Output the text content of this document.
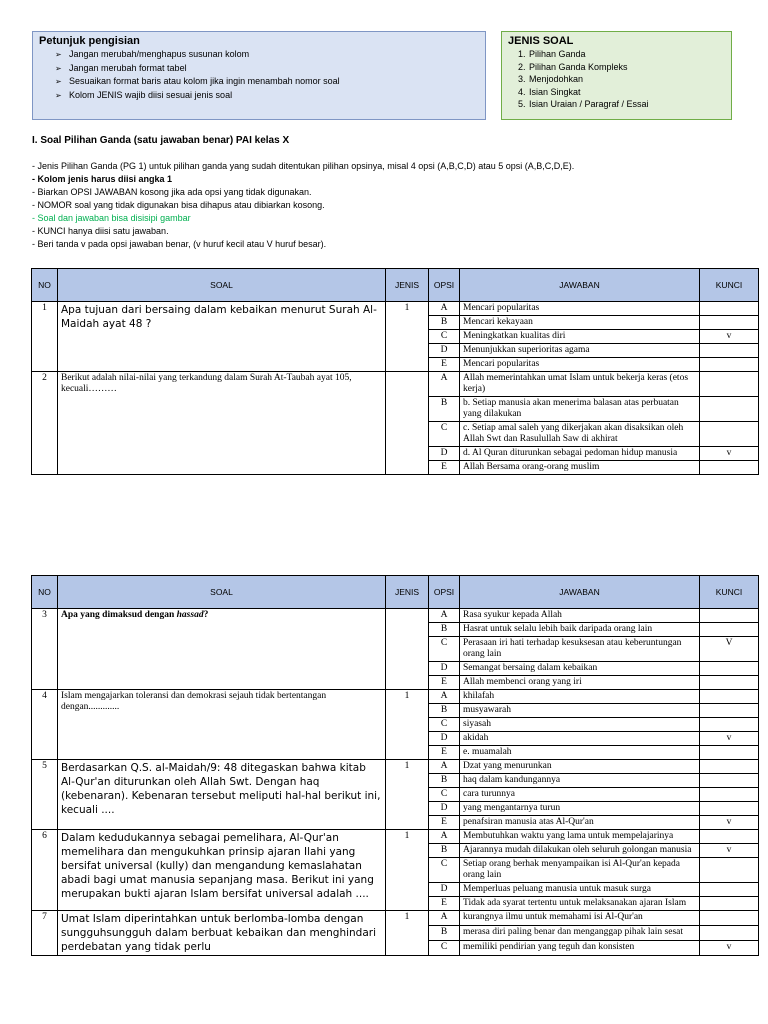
Petunjuk pengisian
➢ Jangan merubah/menghapus susunan kolom
➢ Jangan merubah format tabel
➢ Sesuaikan format baris atau kolom jika ingin menambah nomor soal
➢ Kolom JENIS wajib diisi sesuai jenis soal
JENIS SOAL
1. Pilihan Ganda
2. Pilihan Ganda Kompleks
3. Menjodohkan
4. Isian Singkat
5. Isian Uraian / Paragraf / Essai
I. Soal Pilihan Ganda (satu jawaban benar) PAI kelas X
- Jenis Pilihan Ganda (PG 1) untuk pilihan ganda yang sudah ditentukan pilihan opsinya, misal 4 opsi (A,B,C,D) atau 5 opsi (A,B,C,D,E).
- Kolom jenis harus diisi angka 1
- Biarkan OPSI JAWABAN kosong jika ada opsi yang tidak digunakan.
- NOMOR soal yang tidak digunakan bisa dihapus atau dibiarkan kosong.
- Soal dan jawaban bisa disisipi gambar
- KUNCI hanya diisi satu jawaban.
- Beri tanda v pada opsi jawaban benar, (v huruf kecil atau V huruf besar).
NO	SOAL	JENIS	OPSI	JAWABAN	KUNCI
1	Apa tujuan dari bersaing dalam kebaikan menurut Surah Al-Maidah ayat 48 ?	1	A	Mencari popularitas	
			B	Mencari kekayaan	
			C	Meningkatkan kualitas diri	v
			D	Menunjukkan superioritas agama	
			E	Mencari popularitas	
2	Berikut adalah nilai-nilai yang terkandung dalam Surah At-Taubah ayat 105, kecuali………		A	Allah memerintahkan umat Islam untuk bekerja keras (etos kerja)	
			B	b. Setiap manusia akan menerima balasan atas perbuatan yang dilakukan	
			C	c. Setiap amal saleh yang dikerjakan akan disaksikan oleh Allah Swt dan Rasulullah Saw di akhirat	
			D	d. Al Quran diturunkan sebagai pedoman hidup manusia	v
			E	Allah Bersama orang-orang muslim	
NO	SOAL	JENIS	OPSI	JAWABAN	KUNCI
3	Apa yang dimaksud dengan hassad?		A	Rasa syukur kepada Allah	
			B	Hasrat untuk selalu lebih baik daripada orang lain	
			C	Perasaan iri hati terhadap kesuksesan atau keberuntungan orang lain	V
			D	Semangat bersaing dalam kebaikan	
			E	Allah membenci orang yang iri	
4	Islam mengajarkan toleransi dan demokrasi sejauh tidak bertentangan dengan.............	1	A	khilafah	
			B	musyawarah	
			C	siyasah	
			D	akidah	v
			E	e. muamalah	
5	Berdasarkan Q.S. al-Maidah/9: 48 ditegaskan bahwa kitab Al-Qur'an diturunkan oleh Allah Swt. Dengan haq (kebenaran). Kebenaran tersebut meliputi hal-hal berikut ini, kecuali ....	1	A	Dzat yang menurunkan	
			B	haq dalam kandungannya	
			C	cara turunnya	
			D	yang mengantarnya turun	
			E	penafsiran manusia atas Al-Qur'an	v
6	Dalam kedudukannya sebagai pemelihara, Al-Qur'an memelihara dan mengukuhkan prinsip ajaran Ilahi yang bersifat universal (kully) dan mengandung kemaslahatan abadi bagi umat manusia sepanjang masa. Berikut ini yang merupakan bukti ajaran Islam bersifat universal adalah ....	1	A	Membutuhkan waktu yang lama untuk mempelajarinya	
			B	Ajarannya mudah dilakukan oleh seluruh golongan manusia	v
			C	Setiap orang berhak menyampaikan isi Al-Qur'an kepada orang lain	
			D	Memperluas peluang manusia untuk masuk surga	
			E	Tidak ada syarat tertentu untuk melaksanakan ajaran Islam	
7	Umat Islam diperintahkan untuk berlomba-lomba dengan sungguhsungguh dalam berbuat kebaikan dan menghindari perdebatan yang tidak perlu	1	A	kurangnya ilmu untuk memahami isi Al-Qur'an	
			B	merasa diri paling benar dan menganggap pihak lain sesat	
			C	memiliki pendirian yang teguh dan konsisten	v
